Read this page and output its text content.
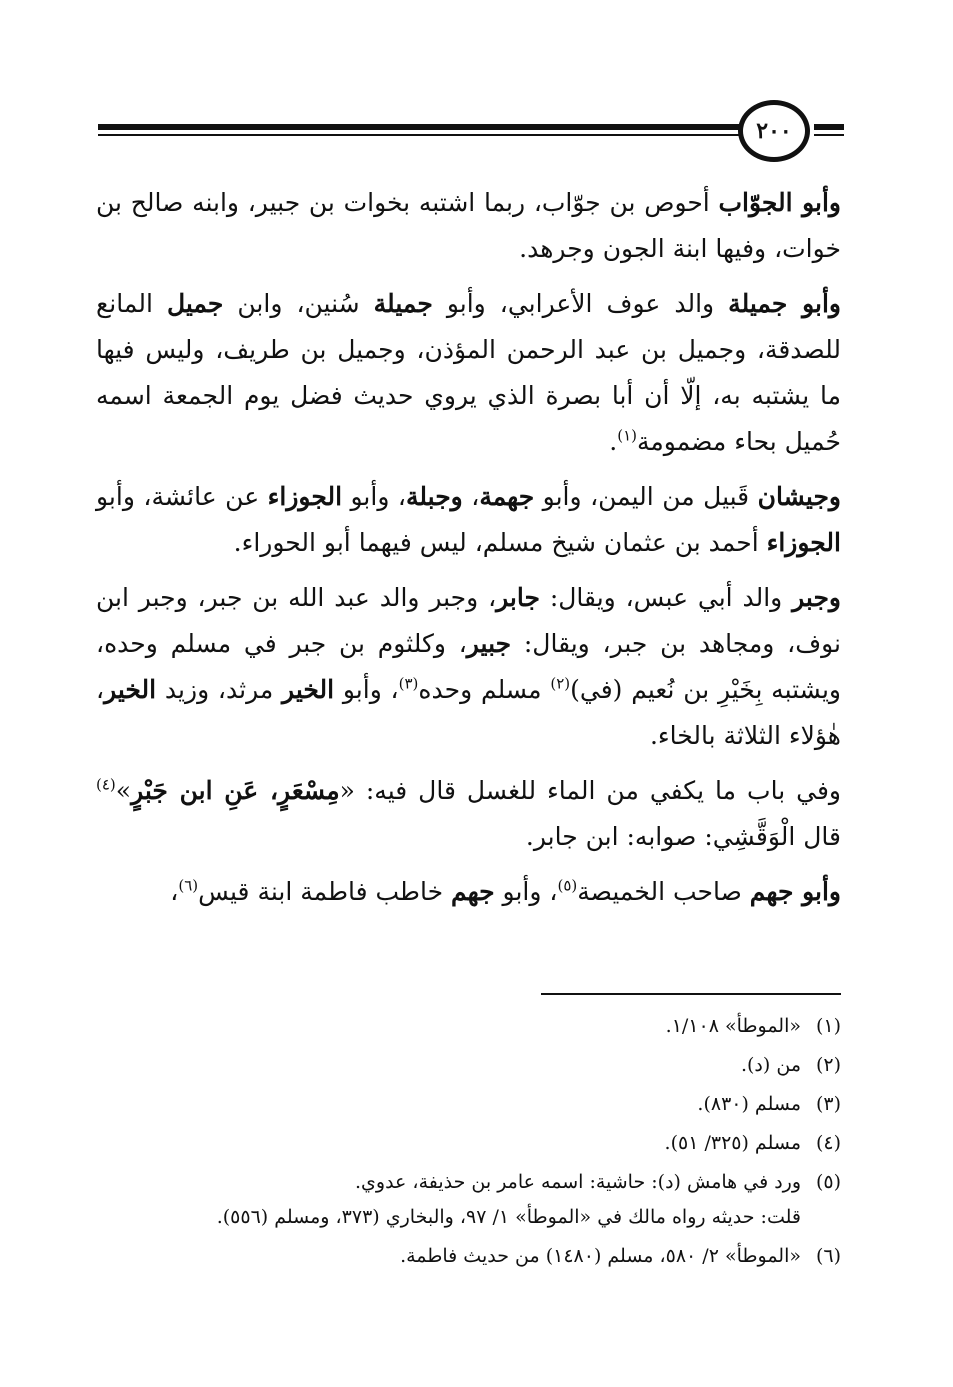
٢٠٠

وأبو الجوّاب أحوص بن جوّاب، ربما اشتبه بخوات بن جبير، وابنه صالح بن خوات، وفيها ابنة الجون وجرهد.

وأبو جميلة والد عوف الأعرابي، وأبو جميلة سُنين، وابن جميل المانع للصدقة، وجميل بن عبد الرحمن المؤذن، وجميل بن طريف، وليس فيها ما يشتبه به، إلّا أن أبا بصرة الذي يروي حديث فضل يوم الجمعة اسمه حُميل بحاء مضمومة$^{(١)}$.

وجيشان قَبيل من اليمن، وأبو جهمة، وجبلة، وأبو الجوزاء عن عائشة، وأبو الجوزاء أحمد بن عثمان شيخ مسلم، ليس فيهما أبو الحوراء.

وجبر والد أبي عبس، ويقال: جابر، وجبر والد عبد الله بن جبر، وجبر ابن نوف، ومجاهد بن جبر، ويقال: جبير، وكلثوم بن جبر في مسلم وحده، ويشتبه بِخَيْرِ بن نُعيم (في)$^{(٢)}$ مسلم وحده$^{(٣)}$، وأبو الخير مرثد، وزيد الخير، هٰؤلاء الثلاثة بالخاء.

وفي باب ما يكفي من الماء للغسل قال فيه: «مِسْعَرٍ، عَنِ ابن جَبْرٍ»$^{(٤)}$ قال الْوَقَّشِي: صوابه: ابن جابر.

وأبو جهم صاحب الخميصة$^{(٥)}$، وأبو جهم خاطب فاطمة ابنة قيس$^{(٦)}$،

(١)
«الموطأ» ١/١٠٨.
(٢)
من (د).
(٣)
مسلم (٨٣٠).
(٤)
مسلم (٣٢٥/ ٥١).
(٥)
ورد في هامش (د): حاشية: اسمه عامر بن حذيفة، عدوي.
قلت: حديثه رواه مالك في «الموطأ» ١/ ٩٧، والبخاري (٣٧٣، ومسلم (٥٥٦).
(٦)
«الموطأ» ٢/ ٥٨٠، مسلم (١٤٨٠) من حديث فاطمة.
